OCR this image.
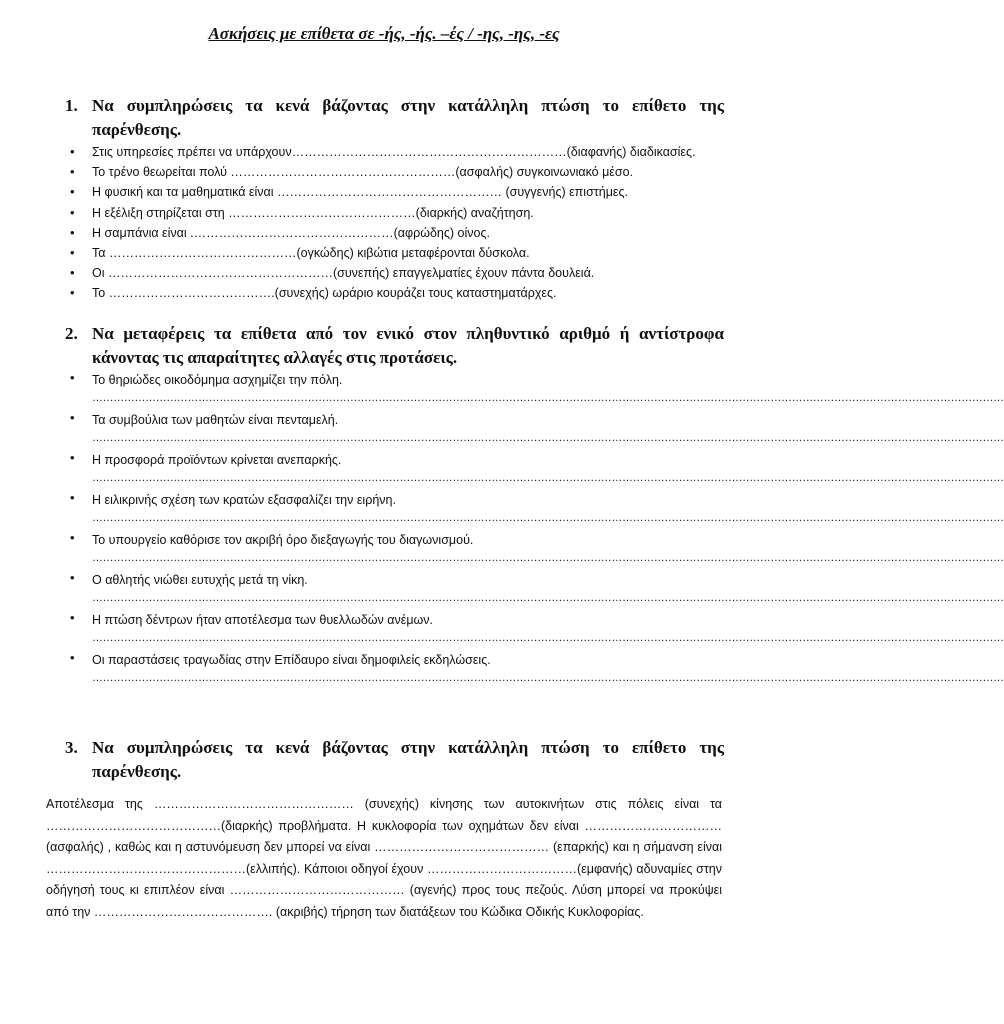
Ασκήσεις με επίθετα σε -ής, -ής. –ές / -ης, -ης, -ες
1. Να συμπληρώσεις τα κενά βάζοντας στην κατάλληλη πτώση το επίθετο της παρένθεσης.
• Στις υπηρεσίες πρέπει να υπάρχουν…………………………………………………………(διαφανής) διαδικασίες.
• Το τρένο θεωρείται πολύ ………………………………………………(ασφαλής) συγκοινωνιακό μέσο.
• Η φυσική και τα μαθηματικά είναι ……………………………………………… (συγγενής) επιστήμες.
• Η εξέλιξη στηρίζεται στη ………………………………………(διαρκής) αναζήτηση.
• Η σαμπάνια είναι .…………………………………………(αφρώδης) οίνος.
• Τα ………………………………………(ογκώδης) κιβώτια μεταφέρονται δύσκολα.
• Οι ………………………………………………(συνεπής) επαγγελματίες έχουν πάντα δουλειά.
• Το ………………………………….(συνεχής) ωράριο κουράζει τους καταστηματάρχες.
2. Να μεταφέρεις τα επίθετα από τον ενικό στον πληθυντικό αριθμό ή αντίστροφα κάνοντας τις απαραίτητες αλλαγές στις προτάσεις.
• Το θηριώδες οικοδόμημα ασχημίζει την πόλη.
……………………………………………………………………………………………………………………………………………………………………………………………………………………………………
• Τα συμβούλια των μαθητών είναι πενταμελή.
……………………………………………………………………………………………………………………………………………………………………………………………………………………………………
• Η προσφορά προϊόντων κρίνεται ανεπαρκής.
……………………………………………………………………………………………………………………………………………………………………………………………………………………………………
• Η ειλικρινής σχέση των κρατών εξασφαλίζει την ειρήνη.
……………………………………………………………………………………………………………………………………………………………………………………………………………………………………
• Το υπουργείο καθόρισε τον ακριβή όρο διεξαγωγής του διαγωνισμού.
……………………………………………………………………………………………………………………………………………………………………………………………………………………………………
• Ο αθλητής νιώθει ευτυχής μετά τη νίκη.
……………………………………………………………………………………………………………………………………………………………………………………………………………………………………
• Η πτώση δέντρων ήταν αποτέλεσμα των θυελλωδών ανέμων.
……………………………………………………………………………………………………………………………………………………………………………………………………………………………………
• Οι παραστάσεις τραγωδίας στην Επίδαυρο είναι δημοφιλείς εκδηλώσεις.
……………………………………………………………………………………………………………………………………………………………………………………………………………………………………
3. Να συμπληρώσεις τα κενά βάζοντας στην κατάλληλη πτώση το επίθετο της παρένθεσης.
Αποτέλεσμα της ………………………………………… (συνεχής) κίνησης των αυτοκινήτων στις πόλεις είναι τα ……………………………………(διαρκής) προβλήματα. Η κυκλοφορία των οχημάτων δεν είναι ……………………………(ασφαλής) , καθώς και η αστυνόμευση δεν μπορεί να είναι …………………………………… (επαρκής) και η σήμανση είναι …………………………………………(ελλιπής). Κάποιοι οδηγοί έχουν ………………………………(εμφανής) αδυναμίες στην οδήγησή τους κι επιπλέον είναι …………………………………… (αγενής) προς τους πεζούς. Λύση μπορεί να προκύψει από την ……………………………………. (ακριβής) τήρηση των διατάξεων του Κώδικα Οδικής Κυκλοφορίας.
